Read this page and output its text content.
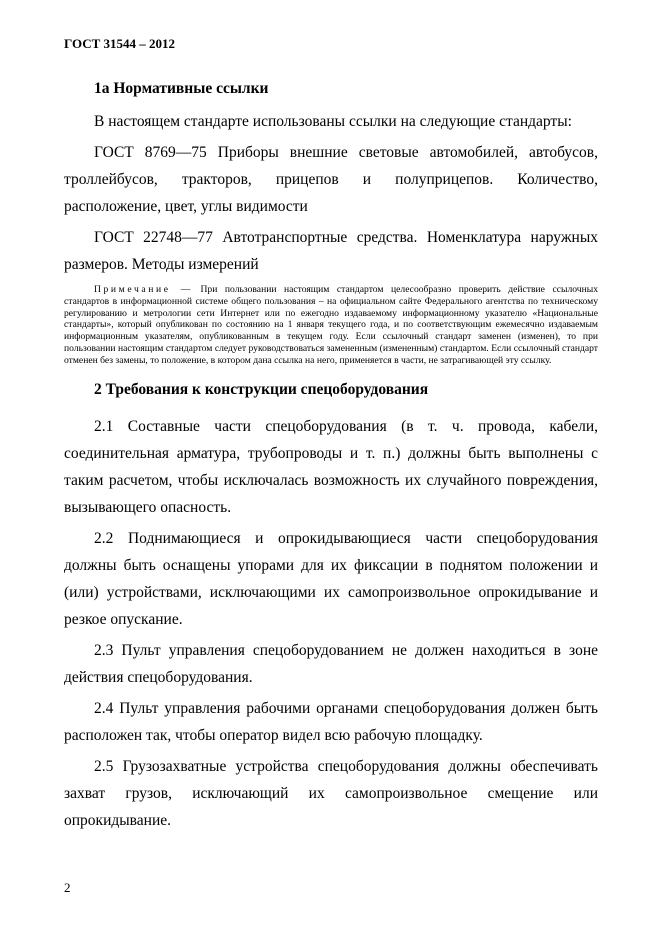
ГОСТ 31544 – 2012
1а Нормативные ссылки

В настоящем стандарте использованы ссылки на следующие стандарты:

ГОСТ 8769—75 Приборы внешние световые автомобилей, автобусов, троллейбусов, тракторов, прицепов и полуприцепов. Количество, расположение, цвет, углы видимости

ГОСТ 22748—77 Автотранспортные средства. Номенклатура наружных размеров. Методы измерений

Примечание — При пользовании настоящим стандартом целесообразно проверить действие ссылочных стандартов в информационной системе общего пользования – на официальном сайте Федерального агентства по техническому регулированию и метрологии сети Интернет или по ежегодно издаваемому информационному указателю «Национальные стандарты», который опубликован по состоянию на 1 января текущего года, и по соответствующим ежемесячно издаваемым информационным указателям, опубликованным в текущем году. Если ссылочный стандарт заменен (изменен), то при пользовании настоящим стандартом следует руководствоваться замененным (измененным) стандартом. Если ссылочный стандарт отменен без замены, то положение, в котором дана ссылка на него, применяется в части, не затрагивающей эту ссылку.
2 Требования к конструкции спецоборудования

2.1 Составные части спецоборудования (в т. ч. провода, кабели, соединительная арматура, трубопроводы и т. п.) должны быть выполнены с таким расчетом, чтобы исключалась возможность их случайного повреждения, вызывающего опасность.

2.2 Поднимающиеся и опрокидывающиеся части спецоборудования должны быть оснащены упорами для их фиксации в поднятом положении и (или) устройствами, исключающими их самопроизвольное опрокидывание и резкое опускание.

2.3 Пульт управления спецоборудованием не должен находиться в зоне действия спецоборудования.

2.4 Пульт управления рабочими органами спецоборудования должен быть расположен так, чтобы оператор видел всю рабочую площадку.

2.5 Грузозахватные устройства спецоборудования должны обеспечивать захват грузов, исключающий их самопроизвольное смещение или опрокидывание.

2
